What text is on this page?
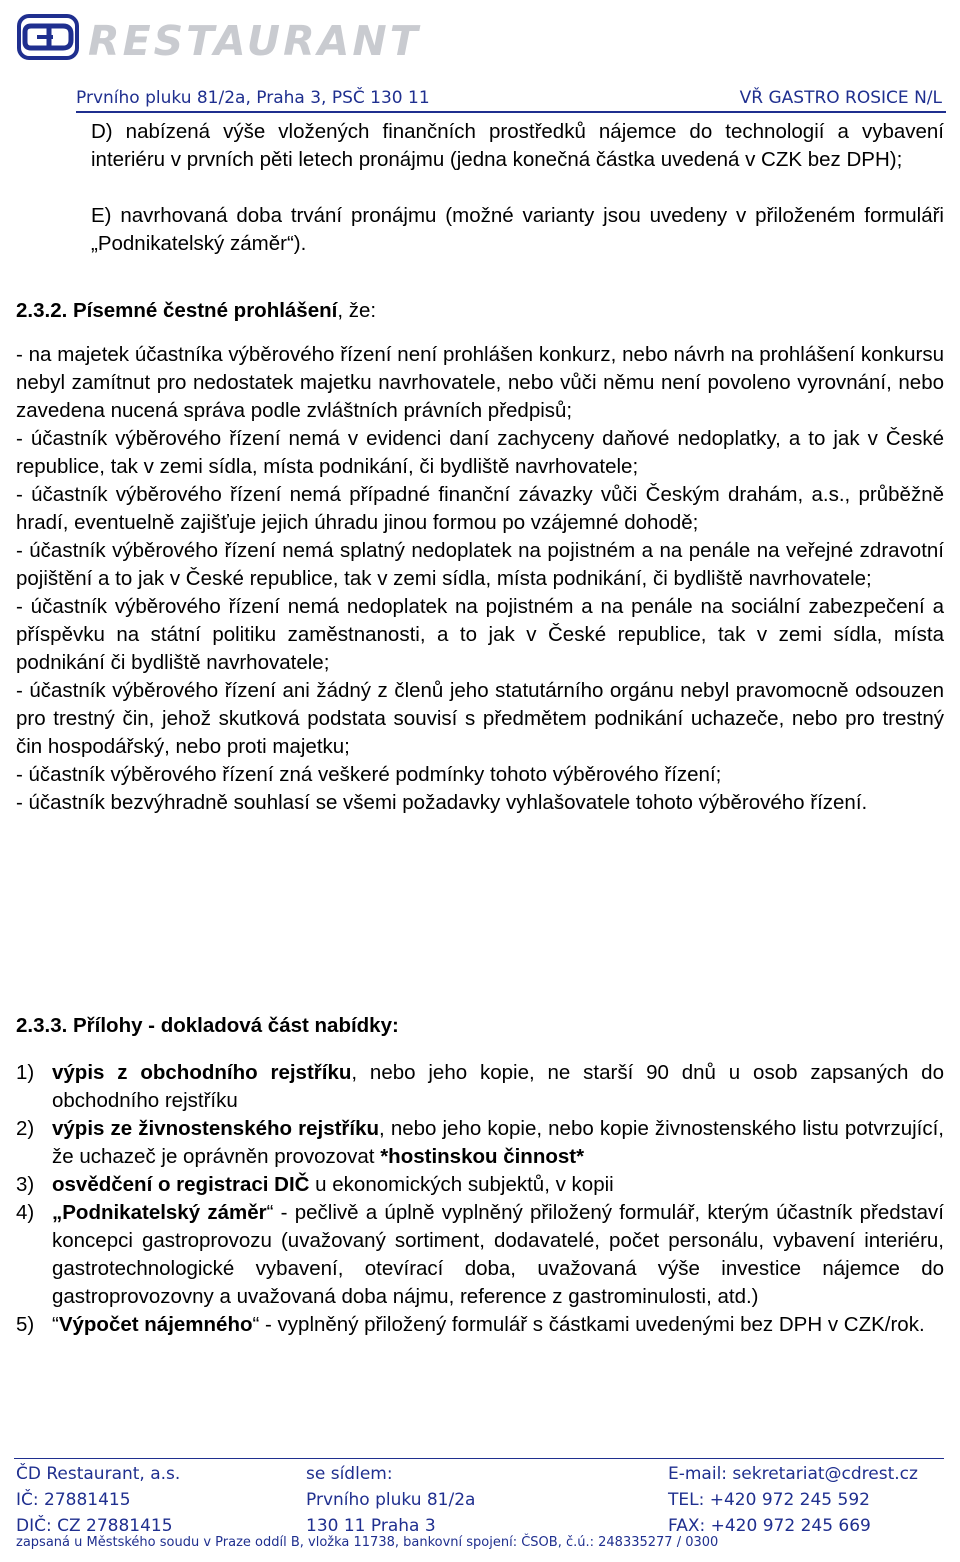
RESTAURANT
Prvního pluku 81/2a, Praha 3, PSČ 130 11	VŘ GASTRO ROSICE N/L

D) nabízená výše vložených finančních prostředků nájemce do technologií a vybavení interiéru v prvních pěti letech pronájmu (jedna konečná částka uvedená v CZK bez DPH);

E) navrhovaná doba trvání pronájmu (možné varianty jsou uvedeny v přiloženém formuláři „Podnikatelský záměr“).

2.3.2. Písemné čestné prohlášení, že:

- na majetek účastníka výběrového řízení není prohlášen konkurz, nebo návrh na prohlášení konkursu nebyl zamítnut pro nedostatek majetku navrhovatele, nebo vůči němu není povoleno vyrovnání, nebo zavedena nucená správa podle zvláštních právních předpisů;

- účastník výběrového řízení nemá v evidenci daní zachyceny daňové nedoplatky, a to jak v České republice, tak v zemi sídla, místa podnikání, či bydliště navrhovatele;

- účastník výběrového řízení nemá případné finanční závazky vůči Českým drahám, a.s., průběžně hradí, eventuelně zajišťuje jejich úhradu jinou formou po vzájemné dohodě;

- účastník výběrového řízení nemá splatný nedoplatek na pojistném a na penále na veřejné zdravotní pojištění a to jak v České republice, tak v zemi sídla, místa podnikání, či bydliště navrhovatele;

- účastník výběrového řízení nemá nedoplatek na pojistném a na penále na sociální zabezpečení a příspěvku na státní politiku zaměstnanosti, a to jak v České republice, tak v zemi sídla, místa podnikání či bydliště navrhovatele;

- účastník výběrového řízení ani žádný z členů jeho statutárního orgánu nebyl pravomocně odsouzen pro trestný čin, jehož skutková podstata souvisí s předmětem podnikání uchazeče, nebo pro trestný čin hospodářský, nebo proti majetku;

- účastník výběrového řízení zná veškeré podmínky tohoto výběrového řízení;

- účastník bezvýhradně souhlasí se všemi požadavky vyhlašovatele tohoto výběrového řízení.

2.3.3. Přílohy - dokladová část nabídky:

1) výpis z obchodního rejstříku, nebo jeho kopie, ne starší 90 dnů u osob zapsaných do obchodního rejstříku

2) výpis ze živnostenského rejstříku, nebo jeho kopie, nebo kopie živnostenského listu potvrzující, že uchazeč je oprávněn provozovat *hostinskou činnost*

3) osvědčení o registraci DIČ u ekonomických subjektů, v kopii

4) „Podnikatelský záměr“ - pečlivě a úplně vyplněný přiložený formulář, kterým účastník představí koncepci gastroprovozu (uvažovaný sortiment, dodavatelé, počet personálu, vybavení interiéru, gastrotechnologické vybavení, otevírací doba, uvažovaná výše investice nájemce do gastroprovozovny a uvažovaná doba nájmu, reference z gastrominulosti, atd.)

5) “Výpočet nájemného“ - vyplněný přiložený formulář s částkami uvedenými bez DPH v CZK/rok.

ČD Restaurant, a.s.
IČ: 27881415
DIČ: CZ 27881415
se sídlem:
Prvního pluku 81/2a
130 11 Praha 3
E-mail: sekretariat@cdrest.cz
TEL: +420 972 245 592
FAX: +420 972 245 669
zapsaná u Městského soudu v Praze oddíl B, vložka 11738, bankovní spojení: ČSOB, č.ú.: 248335277 / 0300
